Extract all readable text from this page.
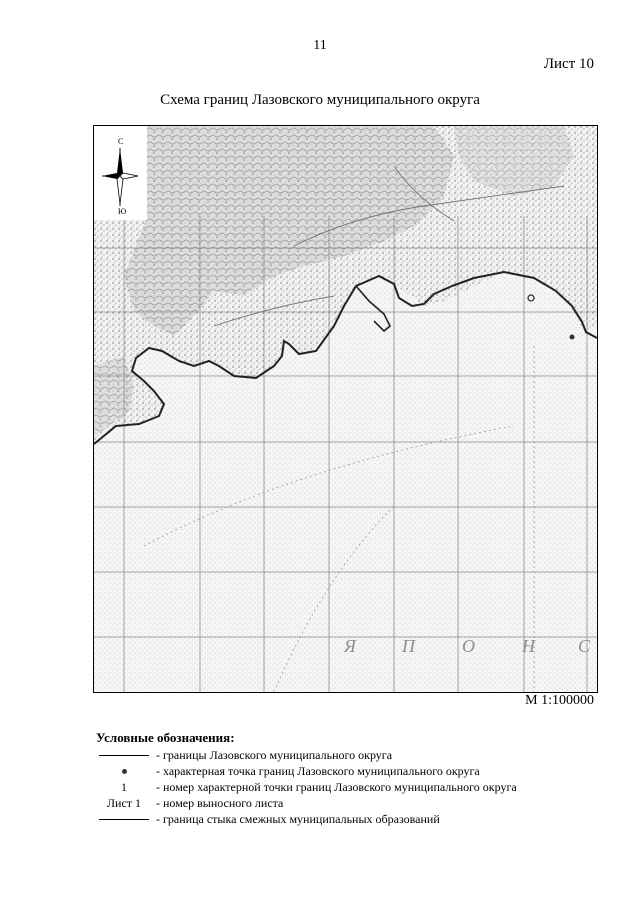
11
Лист 10
Схема границ Лазовского муниципального округа
Я	П	О	Н С
С
Ю
М 1:100000
Условные обозначения:
- границы Лазовского муниципального округа
- характерная точка границ Лазовского муниципального округа
1 - номер характерной точки границ Лазовского муниципального округа
Лист 1 - номер выносного листа
- граница стыка смежных муниципальных образований
